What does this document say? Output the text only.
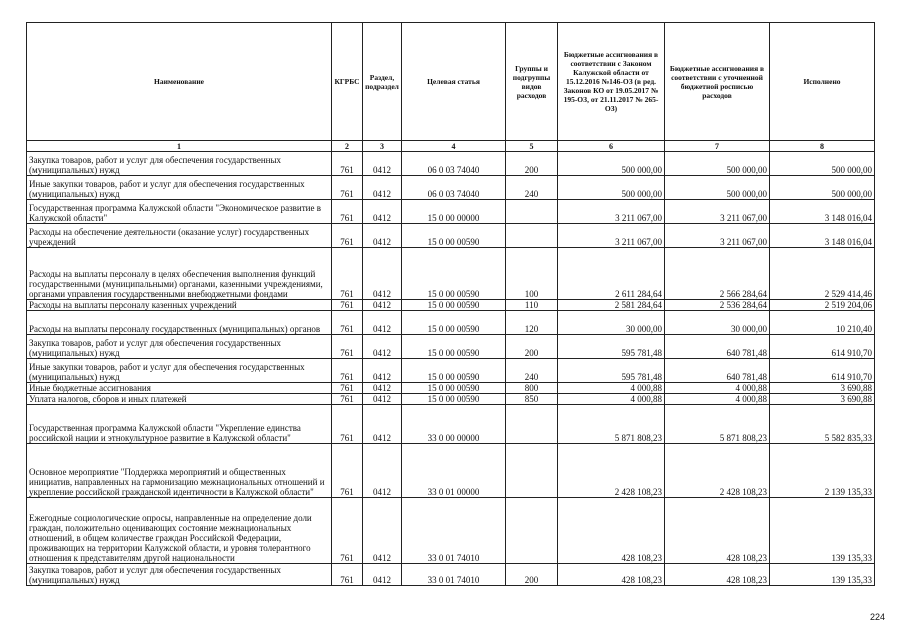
Наименование	КГРБС	Раздел, подраздел	Целевая статья	Группы и подгруппы видов расходов	Бюджетные ассигнования в соответствии с Законом Калужской области от 15.12.2016 №146-ОЗ (в ред. Законов КО от 19.05.2017 № 195-ОЗ, от 21.11.2017 № 265-ОЗ)	Бюджетные ассигнования в соответствии с уточненной бюджетной росписью расходов	Исполнено
1	2	3	4	5	6	7	8
Закупка товаров, работ и услуг для обеспечения государственных (муниципальных) нужд	761	0412	06 0 03 74040	200	500 000,00	500 000,00	500 000,00
Иные закупки товаров, работ и услуг для обеспечения государственных (муниципальных) нужд	761	0412	06 0 03 74040	240	500 000,00	500 000,00	500 000,00
Государственная программа Калужской области "Экономическое развитие в Калужской области"	761	0412	15 0 00 00000		3 211 067,00	3 211 067,00	3 148 016,04
Расходы на обеспечение деятельности (оказание услуг) государственных учреждений	761	0412	15 0 00 00590		3 211 067,00	3 211 067,00	3 148 016,04
Расходы на выплаты персоналу в целях обеспечения выполнения функций государственными (муниципальными) органами, казенными учреждениями, органами управления государственными внебюджетными фондами	761	0412	15 0 00 00590	100	2 611 284,64	2 566 284,64	2 529 414,46
Расходы на выплаты персоналу казенных учреждений	761	0412	15 0 00 00590	110	2 581 284,64	2 536 284,64	2 519 204,06
Расходы на выплаты персоналу государственных (муниципальных) органов	761	0412	15 0 00 00590	120	30 000,00	30 000,00	10 210,40
Закупка товаров, работ и услуг для обеспечения государственных (муниципальных) нужд	761	0412	15 0 00 00590	200	595 781,48	640 781,48	614 910,70
Иные закупки товаров, работ и услуг для обеспечения государственных (муниципальных) нужд	761	0412	15 0 00 00590	240	595 781,48	640 781,48	614 910,70
Иные бюджетные ассигнования	761	0412	15 0 00 00590	800	4 000,88	4 000,88	3 690,88
Уплата налогов, сборов и иных платежей	761	0412	15 0 00 00590	850	4 000,88	4 000,88	3 690,88
Государственная программа Калужской области "Укрепление единства российской нации и этнокультурное развитие в Калужской области"	761	0412	33 0 00 00000		5 871 808,23	5 871 808,23	5 582 835,33
Основное мероприятие "Поддержка мероприятий и общественных инициатив, направленных на гармонизацию межнациональных отношений и укрепление российской гражданской идентичности в Калужской области"	761	0412	33 0 01 00000		2 428 108,23	2 428 108,23	2 139 135,33
Ежегодные социологические опросы, направленные на определение доли граждан, положительно оценивающих состояние межнациональных отношений, в общем количестве граждан Российской Федерации, проживающих на территории Калужской области, и уровня толерантного отношения к представителям другой национальности	761	0412	33 0 01 74010		428 108,23	428 108,23	139 135,33
Закупка товаров, работ и услуг для обеспечения государственных (муниципальных) нужд	761	0412	33 0 01 74010	200	428 108,23	428 108,23	139 135,33
224
